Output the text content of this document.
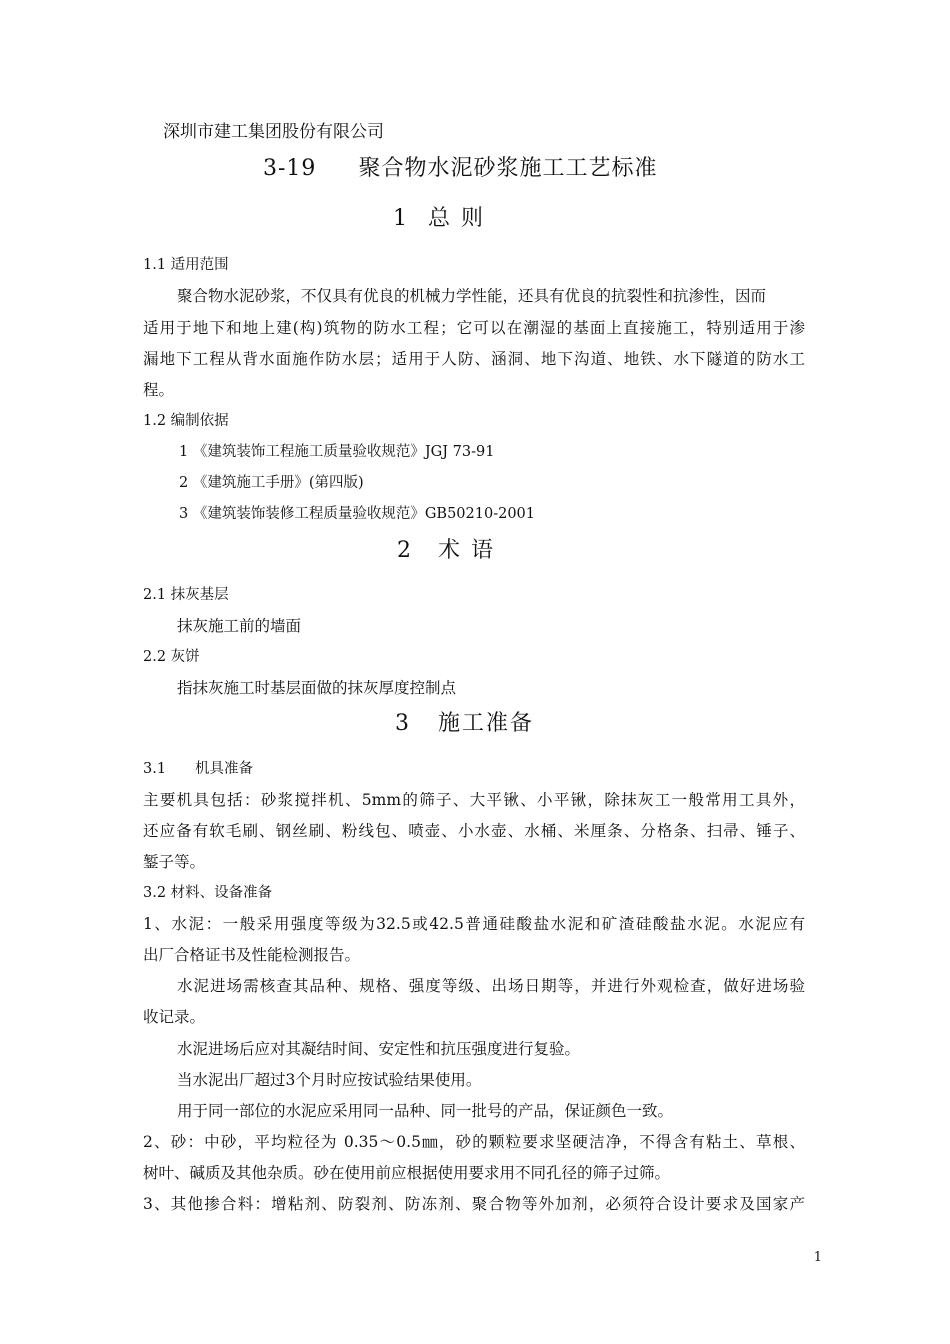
深圳市建工集团股份有限公司
3-19 聚合物水泥砂浆施工工艺标准
1 总 则
1.1 适用范围
聚合物水泥砂浆，不仅具有优良的机械力学性能，还具有优良的抗裂性和抗渗性，因而
适用于地下和地上建(构)筑物的防水工程；它可以在潮湿的基面上直接施工，特别适用于渗
漏地下工程从背水面施作防水层；适用于人防、涵洞、地下沟道、地铁、水下隧道的防水工
程。
1.2 编制依据
1 《建筑装饰工程施工质量验收规范》JGJ 73-91
2 《建筑施工手册》(第四版)
3 《建筑装饰装修工程质量验收规范》GB50210-2001
2 术 语
2.1 抹灰基层
抹灰施工前的墙面
2.2 灰饼
指抹灰施工时基层面做的抹灰厚度控制点
3 施工准备
3.1　　机具准备
主要机具包括：砂浆搅拌机、5mm的筛子、大平锹、小平锹，除抹灰工一般常用工具外，
还应备有软毛刷、钢丝刷、粉线包、喷壶、小水壶、水桶、米厘条、分格条、扫帚、锤子、
錾子等。
3.2 材料、设备准备
1、水泥：一般采用强度等级为32.5或42.5普通硅酸盐水泥和矿渣硅酸盐水泥。水泥应有
出厂合格证书及性能检测报告。
水泥进场需核查其品种、规格、强度等级、出场日期等，并进行外观检查，做好进场验
收记录。
水泥进场后应对其凝结时间、安定性和抗压强度进行复验。
当水泥出厂超过3个月时应按试验结果使用。
用于同一部位的水泥应采用同一品种、同一批号的产品，保证颜色一致。
2、砂：中砂，平均粒径为 0.35～0.5㎜，砂的颗粒要求坚硬洁净，不得含有粘土、草根、
树叶、碱质及其他杂质。砂在使用前应根据使用要求用不同孔径的筛子过筛。
3、其他掺合料：增粘剂、防裂剂、防冻剂、聚合物等外加剂，必须符合设计要求及国家产
1
